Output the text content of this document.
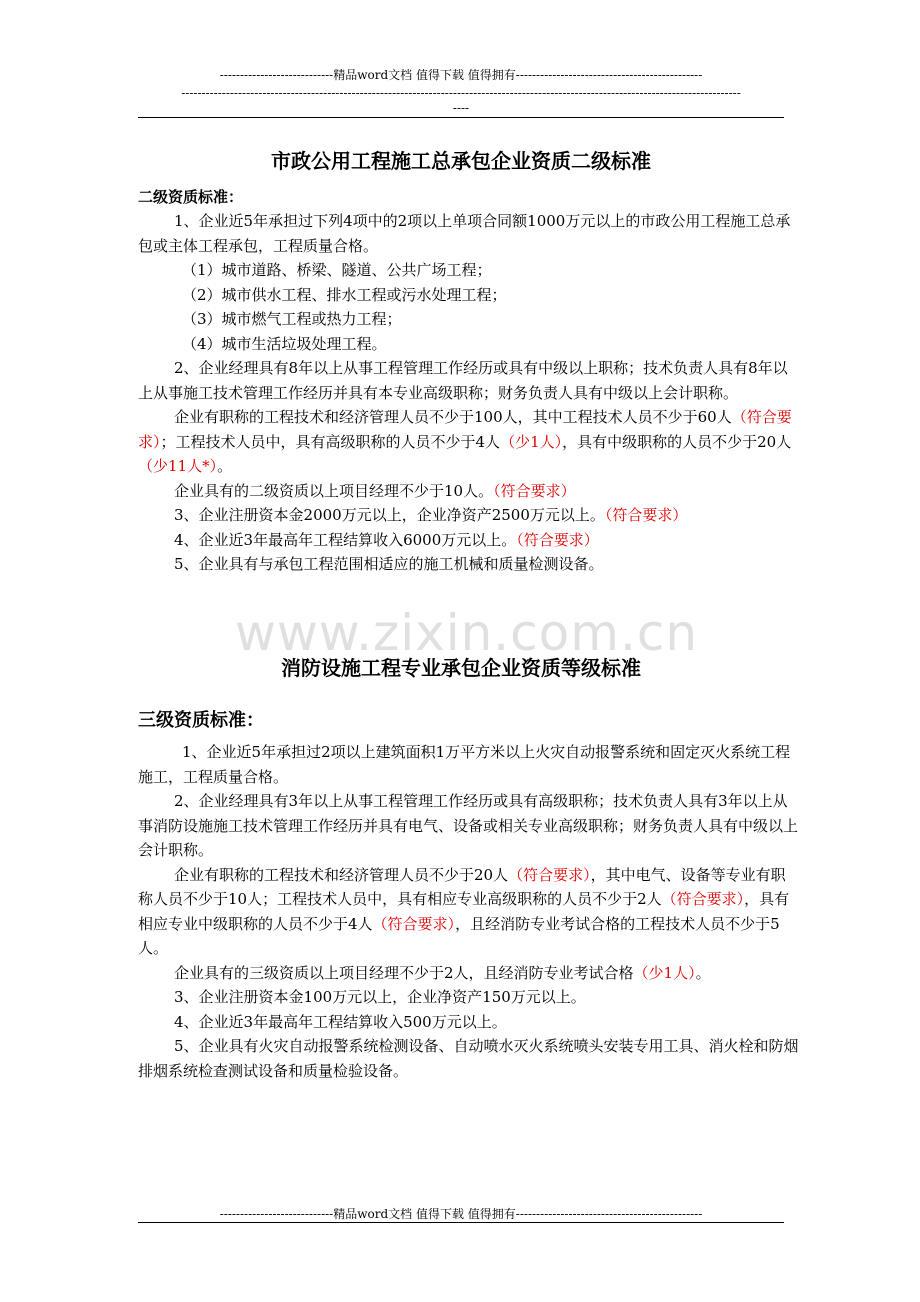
----------------------------精品word文档 值得下载 值得拥有----------------------------------------------
------------------------------------------------------------------------------------------------------------------------------------------
----
www.zixin.com.cn
市政公用工程施工总承包企业资质二级标准
二级资质标准：

1、企业近5年承担过下列4项中的2项以上单项合同额1000万元以上的市政公用工程施工总承包或主体工程承包，工程质量合格。

（1）城市道路、桥梁、隧道、公共广场工程；

（2）城市供水工程、排水工程或污水处理工程；

（3）城市燃气工程或热力工程；

（4）城市生活垃圾处理工程。

2、企业经理具有8年以上从事工程管理工作经历或具有中级以上职称；技术负责人具有8年以上从事施工技术管理工作经历并具有本专业高级职称；财务负责人具有中级以上会计职称。

企业有职称的工程技术和经济管理人员不少于100人，其中工程技术人员不少于60人（符合要求）；工程技术人员中，具有高级职称的人员不少于4人（少1人），具有中级职称的人员不少于20人（少11人*）。

企业具有的二级资质以上项目经理不少于10人。（符合要求）

3、企业注册资本金2000万元以上，企业净资产2500万元以上。（符合要求）

4、企业近3年最高年工程结算收入6000万元以上。（符合要求）

5、企业具有与承包工程范围相适应的施工机械和质量检测设备。

消防设施工程专业承包企业资质等级标准
三级资质标准：

1、企业近5年承担过2项以上建筑面积1万平方米以上火灾自动报警系统和固定灭火系统工程施工，工程质量合格。

2、企业经理具有3年以上从事工程管理工作经历或具有高级职称；技术负责人具有3年以上从事消防设施施工技术管理工作经历并具有电气、设备或相关专业高级职称；财务负责人具有中级以上会计职称。

企业有职称的工程技术和经济管理人员不少于20人（符合要求），其中电气、设备等专业有职称人员不少于10人；工程技术人员中，具有相应专业高级职称的人员不少于2人（符合要求），具有相应专业中级职称的人员不少于4人（符合要求），且经消防专业考试合格的工程技术人员不少于5人。

企业具有的三级资质以上项目经理不少于2人，且经消防专业考试合格（少1人）。

3、企业注册资本金100万元以上，企业净资产150万元以上。

4、企业近3年最高年工程结算收入500万元以上。

5、企业具有火灾自动报警系统检测设备、自动喷水灭火系统喷头安装专用工具、消火栓和防烟排烟系统检查测试设备和质量检验设备。

----------------------------精品word文档 值得下载 值得拥有----------------------------------------------
